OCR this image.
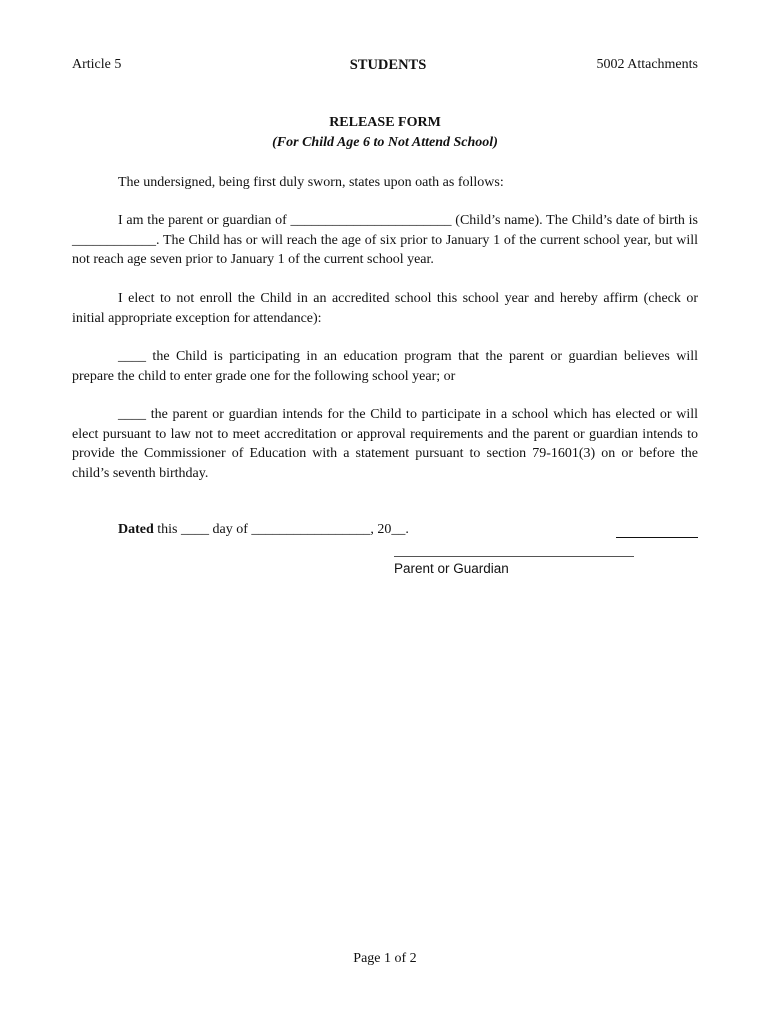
Article 5	STUDENTS	5002 Attachments
RELEASE FORM
(For Child Age 6 to Not Attend School)

The undersigned, being first duly sworn, states upon oath as follows:

I am the parent or guardian of _______________________ (Child’s name). The Child’s date of birth is ____________. The Child has or will reach the age of six prior to January 1 of the current school year, but will not reach age seven prior to January 1 of the current school year.

I elect to not enroll the Child in an accredited school this school year and hereby affirm (check or initial appropriate exception for attendance):

____ the Child is participating in an education program that the parent or guardian believes will prepare the child to enter grade one for the following school year; or

____ the parent or guardian intends for the Child to participate in a school which has elected or will elect pursuant to law not to meet accreditation or approval requirements and the parent or guardian intends to provide the Commissioner of Education with a statement pursuant to section 79-1601(3) on or before the child’s seventh birthday.

Dated this ____ day of _________________, 20__.
Parent or Guardian
Page 1 of 2
